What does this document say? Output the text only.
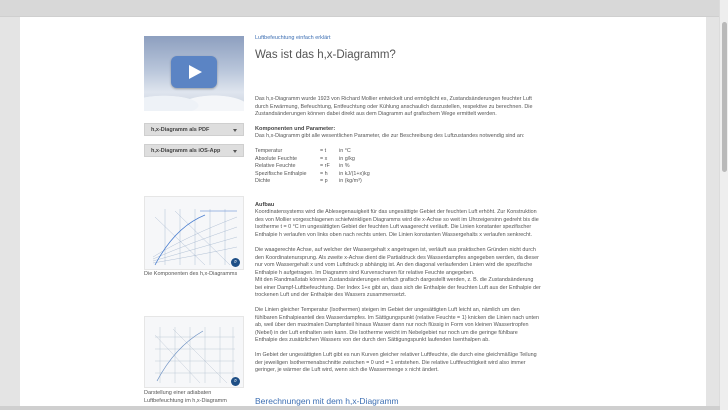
h,x-Diagramm als PDF
h,x-Diagramm als iOS-App
⌕
Die Komponenten des h,x-Diagramms
⌕
Darstellung einer adiabaten Luftbefeuchtung im h,x-Diagramm
Luftbefeuchtung einfach erklärt
Was ist das h,x-Diagramm?

Das h,x-Diagramm wurde 1923 von Richard Mollier entwickelt und ermöglicht es, Zustandsänderungen feuchter Luft durch Erwärmung, Befeuchtung, Entfeuchtung oder Kühlung anschaulich darzustellen, respektive zu berechnen. Die Zustandsänderungen können dabei direkt aus dem Diagramm auf grafischem Wege ermittelt werden.

Komponenten und Parameter:

Das h,x-Diagramm gibt alle wesentlichen Parameter, die zur Beschreibung des Luftzustandes notwendig sind an:

Temperatur	= t in °C
Absolute Feuchte	= x in g/kg
Relative Feuchte	= rF in %
Spezifische Enthalpie = h in kJ/(1+x)kg
Dichte	= p in (kg/m³)
Aufbau

Koordinatensystems wird die Ablesegenauigkeit für das ungesättigte Gebiet der feuchten Luft erhöht. Zur Konstruktion des von Mollier vorgeschlagenen schiefwinkligen Diagramms wird die x-Achse so weit im Uhrzeigersinn gedreht bis die Isotherme t = 0 °C im ungesättigten Gebiet der feuchten Luft waagerecht verläuft. Die Linien konstanter spezifischer Enthalpie h verlaufen von links oben nach rechts unten. Die Linien konstanten Wassergehalts x verlaufen senkrecht.

Die waagerechte Achse, auf welcher der Wassergehalt x angetragen ist, verläuft aus praktischen Gründen nicht durch den Koordinatenursprung. Als zweite x-Achse dient die Partialdruck des Wasserdampfes angegeben werden, da dieser nur vom Wassergehalt x und vom Luftdruck p abhängig ist. An den diagonal verlaufenden Linien wird die spezifische Enthalpie h aufgetragen. Im Diagramm sind Kurvenscharen für relative Feuchte angegeben.

Mit den Randmaßstab können Zustandsänderungen einfach grafisch dargestellt werden, z. B. die Zustandsänderung bei einer Dampf-Luftbefeuchtung. Der Index 1+x gibt an, dass sich die Enthalpie der feuchten Luft aus der Enthalpie der trockenen Luft und der Enthalpie des Wassers zusammensetzt.

Die Linien gleicher Temperatur (Isothermen) steigen im Gebiet der ungesättigten Luft leicht an, nämlich um den fühlbaren Enthalpieanteil des Wasserdampfes. Im Sättigungspunkt (relative Feuchte = 1) knicken die Linien nach unten ab, weil über den maximalen Dampfanteil hinaus Wasser dann nur noch flüssig in Form von kleinen Wassertropfen (Nebel) in der Luft enthalten sein kann. Die Isotherme weicht im Nebelgebiet nur noch um die geringe fühlbare Enthalpie des zusätzlichen Wassers von der durch den Sättigungspunkt laufenden Isenthalpen ab.

Im Gebiet der ungesättigten Luft gibt es nun Kurven gleicher relativer Luftfeuchte, die durch eine gleichmäßige Teilung der jeweiligen Isothermenabschnitte zwischen = 0 und = 1 entstehen. Die relative Luftfeuchtigkeit wird also immer geringer, je wärmer die Luft wird, wenn sich die Wassermenge x nicht ändert.

Berechnungen mit dem h,x-Diagramm
